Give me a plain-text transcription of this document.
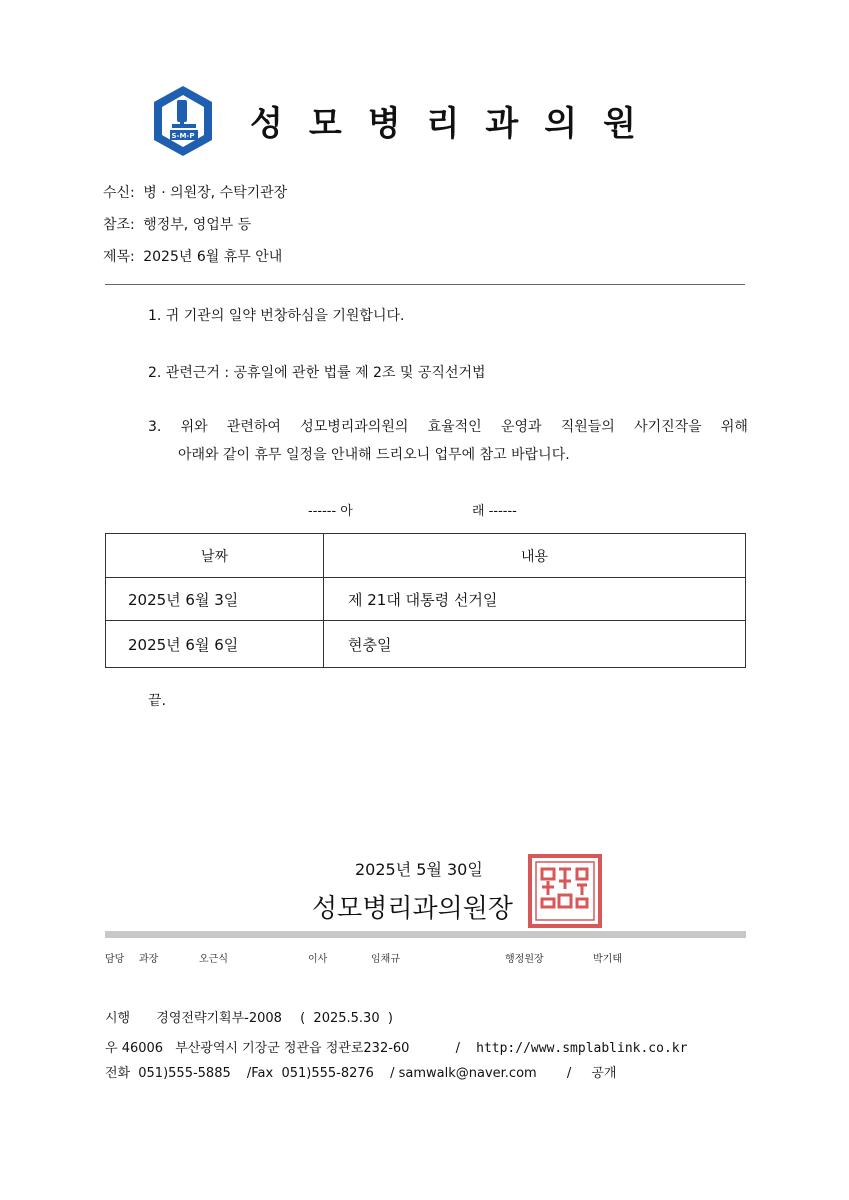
S-M-P 성모병리과의원
수신: 병 · 의원장, 수탁기관장
참조: 행정부, 영업부 등
제목: 2025년 6월 휴무 안내
1. 귀 기관의 일약 번창하심을 기원합니다.
2. 관련근거 : 공휴일에 관한 법률 제 2조 및 공직선거법
3. 위와 관련하여 성모병리과의원의 효율적인 운영과 직원들의 사기진작을 위해
아래와 같이 휴무 일정을 안내해 드리오니 업무에 참고 바랍니다.
------ 아	래 ------
날짜	내용
2025년 6월 3일	제 21대 대통령 선거일
2025년 6월 6일	현충일
끝.
2025년 5월 30일
성모병리과의원장
담당 과장	오근식	이사	임채규	행정원장	박기태
시행 경영전략기획부-2008 (  2025.5.30  )
우 46006 부산광역시 기장군 정관읍 정관로232-60	/ http://www.smplablink.co.kr
전화 051)555-5885 /Fax  051)555-8276 / samwalk@naver.com / 공개
